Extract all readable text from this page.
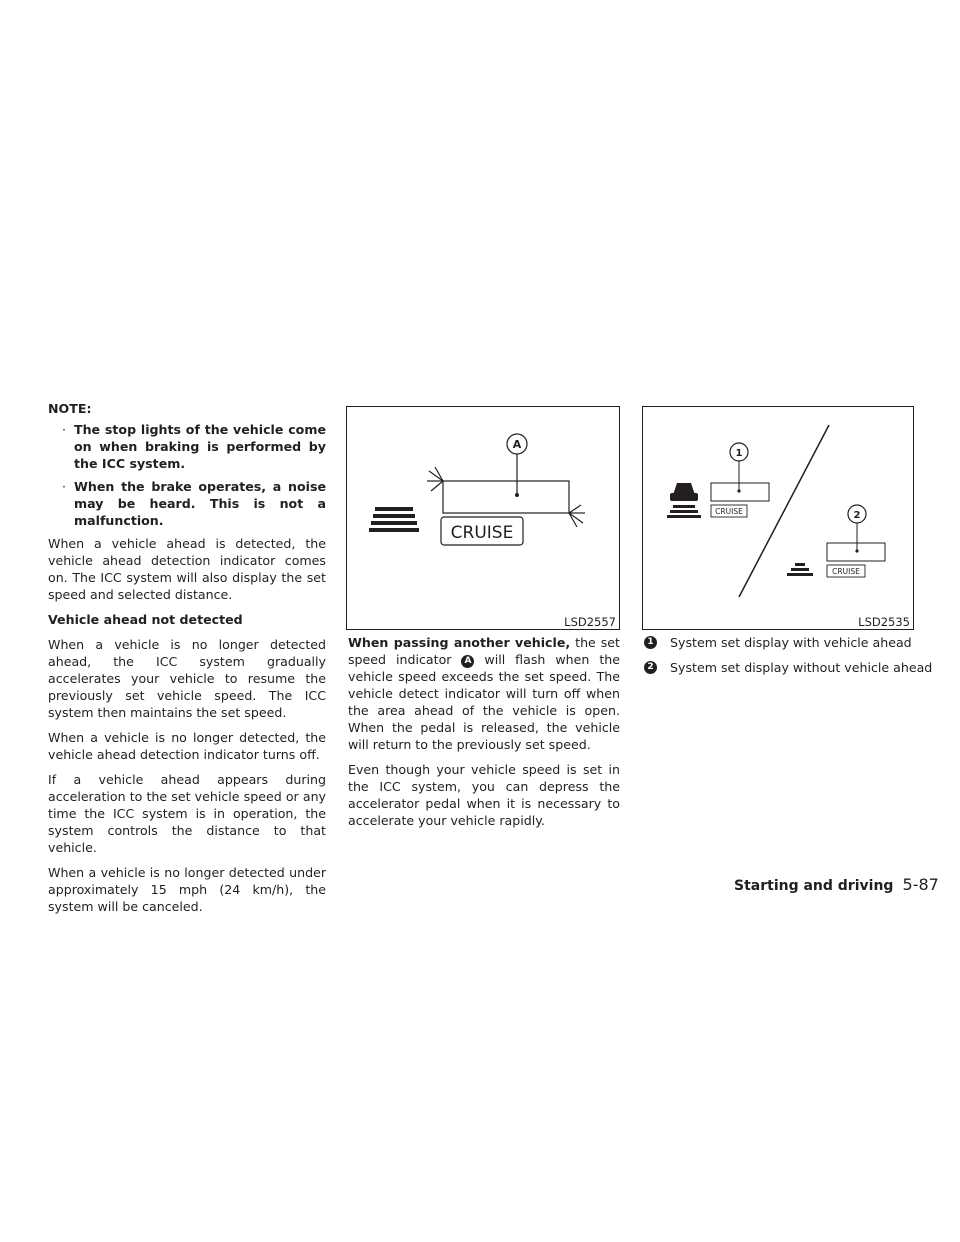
NOTE:
· The stop lights of the vehicle come on when braking is performed by the ICC system.
· When the brake operates, a noise may be heard. This is not a malfunction.

When a vehicle ahead is detected, the vehicle ahead detection indicator comes on. The ICC system will also display the set speed and selected distance.

Vehicle ahead not detected

When a vehicle is no longer detected ahead, the ICC system gradually accelerates your vehicle to resume the previously set vehicle speed. The ICC system then maintains the set speed.

When a vehicle is no longer detected, the vehicle ahead detection indicator turns off.

If a vehicle ahead appears during acceleration to the set vehicle speed or any time the ICC system is in operation, the system controls the distance to that vehicle.

When a vehicle is no longer detected under approximately 15 mph (24 km/h), the system will be canceled.

A
CRUISE
LSD2557

When passing another vehicle, the set speed indicator A will flash when the vehicle speed exceeds the set speed. The vehicle detect indicator will turn off when the area ahead of the vehicle is open. When the pedal is released, the vehicle will return to the previously set speed.

Even though your vehicle speed is set in the ICC system, you can depress the accelerator pedal when it is necessary to accelerate your vehicle rapidly.

1
CRUISE	2
CRUISE
LSD2535
1 System set display with vehicle ahead
2 System set display without vehicle ahead
Starting and driving 5-87
